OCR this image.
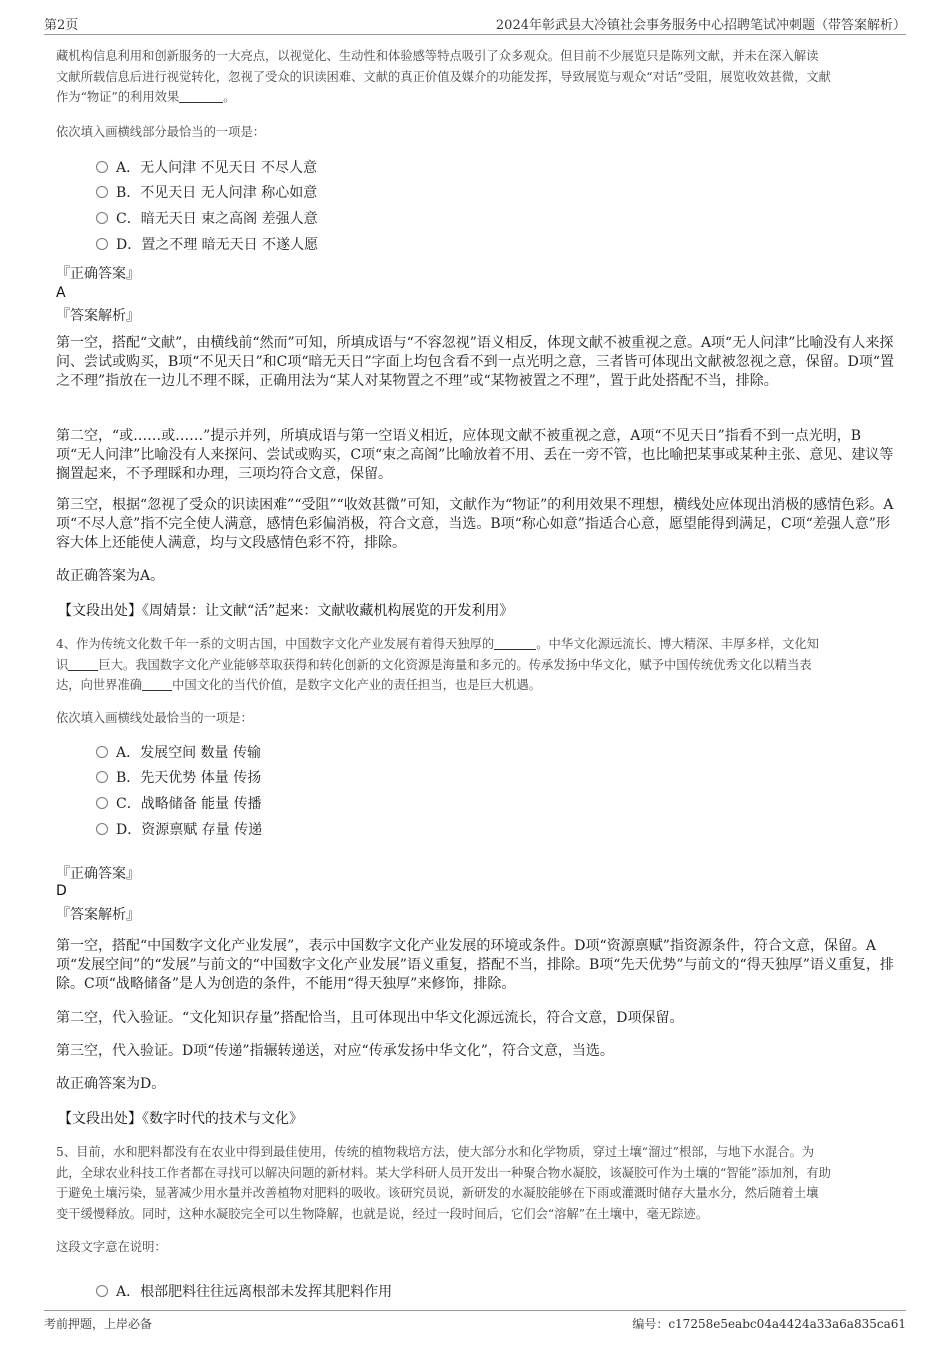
第2页	2024年彰武县大冷镇社会事务服务中心招聘笔试冲刺题（带答案解析）
藏机构信息利用和创新服务的一大亮点，以视觉化、生动性和体验感等特点吸引了众多观众。但目前不少展览只是陈列文献，并未在深入解读
文献所载信息后进行视觉转化，忽视了受众的识读困难、文献的真正价值及媒介的功能发挥，导致展览与观众“对话”受阻，展览收效甚微，文献
作为“物证”的利用效果	。
依次填入画横线部分最恰当的一项是：
A．无人问津 不见天日 不尽人意
B．不见天日 无人问津 称心如意
C．暗无天日 束之高阁 差强人意
D．置之不理 暗无天日 不遂人愿
『正确答案』
A
『答案解析』
第一空，搭配“文献”，由横线前“然而”可知，所填成语与“不容忽视”语义相反，体现文献不被重视之意。A项“无人问津”比喻没有人来探问、尝试或购买，B项“不见天日”和C项“暗无天日”字面上均包含看不到一点光明之意，三者皆可体现出文献被忽视之意，保留。D项“置之不理”指放在一边儿不理不睬，正确用法为“某人对某物置之不理”或“某物被置之不理”，置于此处搭配不当，排除。
第二空，“或……或……”提示并列，所填成语与第一空语义相近，应体现文献不被重视之意，A项“不见天日”指看不到一点光明，B项“无人问津”比喻没有人来探问、尝试或购买，C项“束之高阁”比喻放着不用、丢在一旁不管，也比喻把某事或某种主张、意见、建议等搁置起来，不予理睬和办理，三项均符合文意，保留。
第三空，根据“忽视了受众的识读困难”“受阻”“收效甚微”可知，文献作为“物证”的利用效果不理想，横线处应体现出消极的感情色彩。A项“不尽人意”指不完全使人满意，感情色彩偏消极，符合文意，当选。B项“称心如意”指适合心意，愿望能得到满足，C项“差强人意”形容大体上还能使人满意，均与文段感情色彩不符，排除。
故正确答案为A。
【文段出处】《周婧景：让文献“活”起来：文献收藏机构展览的开发利用》
4、作为传统文化数千年一系的文明古国，中国数字文化产业发展有着得天独厚的	。中华文化源远流长、博大精深、丰厚多样，文化知
识 巨大。我国数字文化产业能够萃取获得和转化创新的文化资源是海量和多元的。传承发扬中华文化，赋予中国传统优秀文化以精当表
达，向世界准确 中国文化的当代价值，是数字文化产业的责任担当，也是巨大机遇。
依次填入画横线处最恰当的一项是：
A．发展空间 数量 传输
B．先天优势 体量 传扬
C．战略储备 能量 传播
D．资源禀赋 存量 传递
『正确答案』
D
『答案解析』
第一空，搭配“中国数字文化产业发展”，表示中国数字文化产业发展的环境或条件。D项“资源禀赋”指资源条件，符合文意，保留。A项“发展空间”的“发展”与前文的“中国数字文化产业发展”语义重复，搭配不当，排除。B项“先天优势”与前文的“得天独厚”语义重复，排除。C项“战略储备”是人为创造的条件，不能用“得天独厚”来修饰，排除。
第二空，代入验证。“文化知识存量”搭配恰当，且可体现出中华文化源远流长，符合文意，D项保留。
第三空，代入验证。D项“传递”指辗转递送，对应“传承发扬中华文化”，符合文意，当选。
故正确答案为D。
【文段出处】《数字时代的技术与文化》
5、目前，水和肥料都没有在农业中得到最佳使用，传统的植物栽培方法，使大部分水和化学物质，穿过土壤“溜过”根部，与地下水混合。为
此，全球农业科技工作者都在寻找可以解决问题的新材料。某大学科研人员开发出一种聚合物水凝胶，该凝胶可作为土壤的“智能”添加剂，有助
于避免土壤污染，显著减少用水量并改善植物对肥料的吸收。该研究员说，新研发的水凝胶能够在下雨或灌溉时储存大量水分，然后随着土壤
变干缓慢释放。同时，这种水凝胶完全可以生物降解，也就是说，经过一段时间后，它们会“溶解”在土壤中，毫无踪迹。
这段文字意在说明：
A．根部肥料往往远离根部未发挥其肥料作用
考前押题，上岸必备	编号：c17258e5eabc04a4424a33a6a835ca61
